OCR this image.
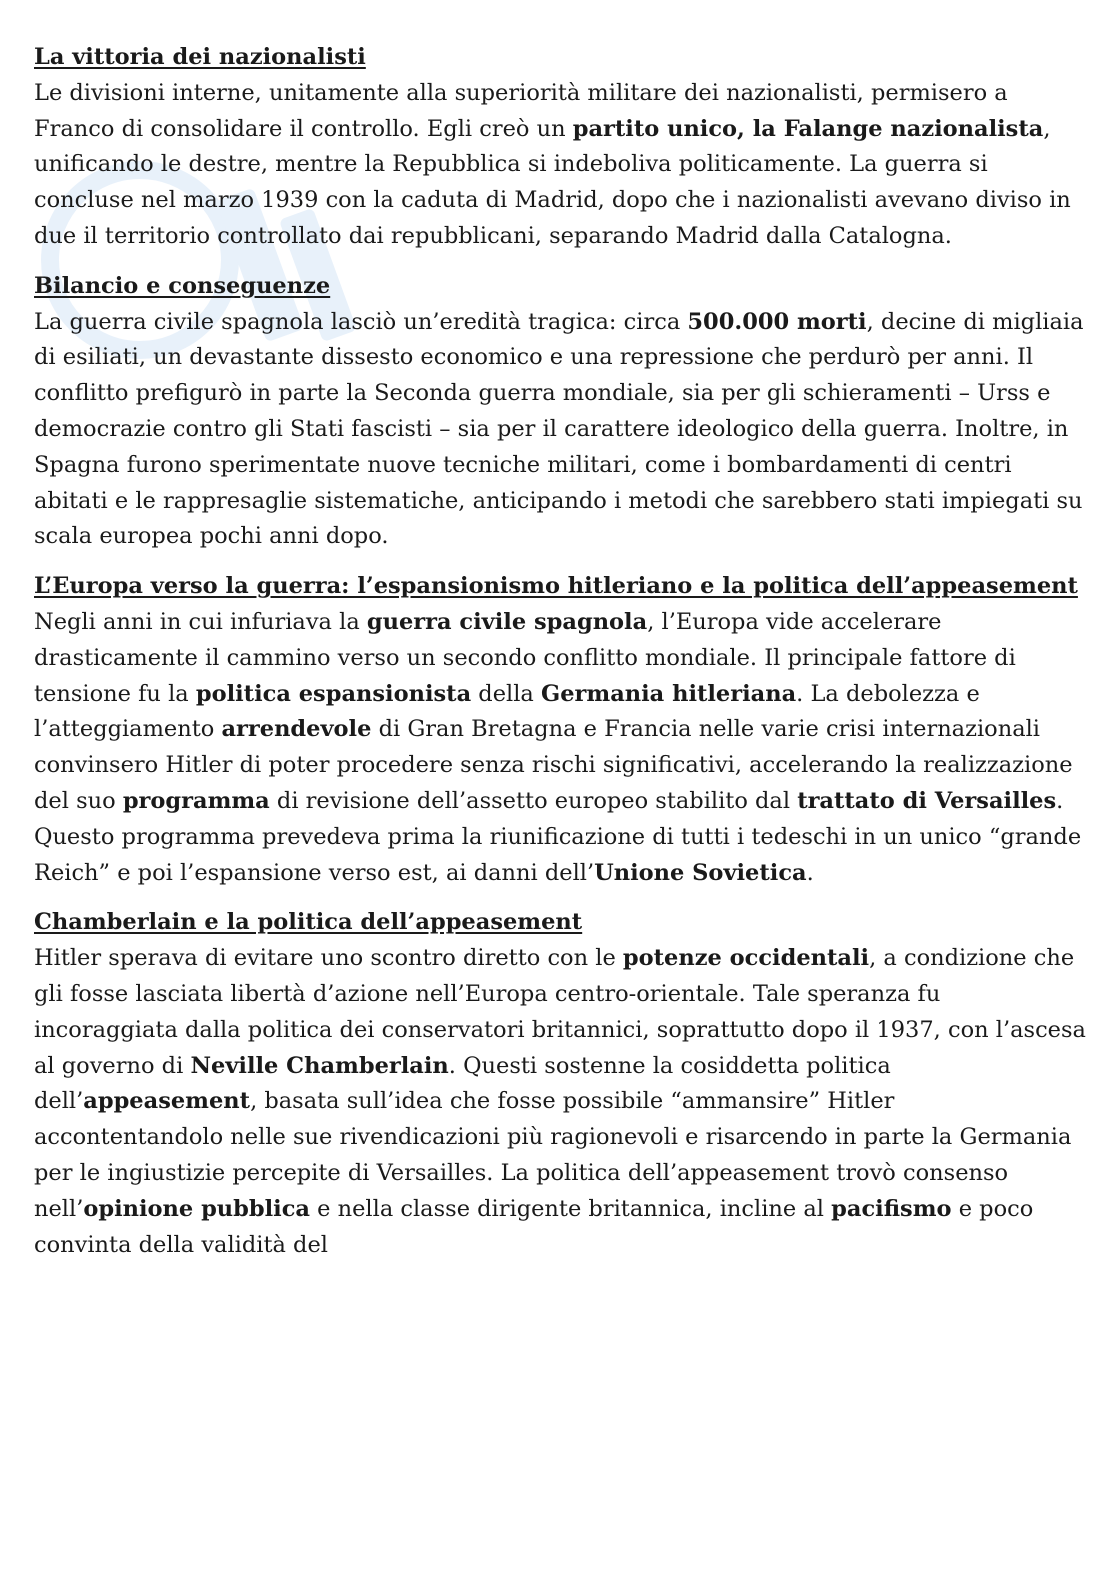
La vittoria dei nazionalisti

Le divisioni interne, unitamente alla superiorità militare dei nazionalisti, permisero a Franco di consolidare il controllo. Egli creò un partito unico, la Falange nazionalista, unificando le destre, mentre la Repubblica si indeboliva politicamente. La guerra si concluse nel marzo 1939 con la caduta di Madrid, dopo che i nazionalisti avevano diviso in due il territorio controllato dai repubblicani, separando Madrid dalla Catalogna.

Bilancio e conseguenze

La guerra civile spagnola lasciò un’eredità tragica: circa 500.000 morti, decine di migliaia di esiliati, un devastante dissesto economico e una repressione che perdurò per anni. Il conflitto prefigurò in parte la Seconda guerra mondiale, sia per gli schieramenti – Urss e democrazie contro gli Stati fascisti – sia per il carattere ideologico della guerra. Inoltre, in Spagna furono sperimentate nuove tecniche militari, come i bombardamenti di centri abitati e le rappresaglie sistematiche, anticipando i metodi che sarebbero stati impiegati su scala europea pochi anni dopo.

L’Europa verso la guerra: l’espansionismo hitleriano e la politica dell’appeasement

Negli anni in cui infuriava la guerra civile spagnola, l’Europa vide accelerare drasticamente il cammino verso un secondo conflitto mondiale. Il principale fattore di tensione fu la politica espansionista della Germania hitleriana. La debolezza e l’atteggiamento arrendevole di Gran Bretagna e Francia nelle varie crisi internazionali convinsero Hitler di poter procedere senza rischi significativi, accelerando la realizzazione del suo programma di revisione dell’assetto europeo stabilito dal trattato di Versailles. Questo programma prevedeva prima la riunificazione di tutti i tedeschi in un unico “grande Reich” e poi l’espansione verso est, ai danni dell’Unione Sovietica.

Chamberlain e la politica dell’appeasement

Hitler sperava di evitare uno scontro diretto con le potenze occidentali, a condizione che gli fosse lasciata libertà d’azione nell’Europa centro-orientale. Tale speranza fu incoraggiata dalla politica dei conservatori britannici, soprattutto dopo il 1937, con l’ascesa al governo di Neville Chamberlain. Questi sostenne la cosiddetta politica dell’appeasement, basata sull’idea che fosse possibile “ammansire” Hitler accontentandolo nelle sue rivendicazioni più ragionevoli e risarcendo in parte la Germania per le ingiustizie percepite di Versailles. La politica dell’appeasement trovò consenso nell’opinione pubblica e nella classe dirigente britannica, incline al pacifismo e poco convinta della validità del
